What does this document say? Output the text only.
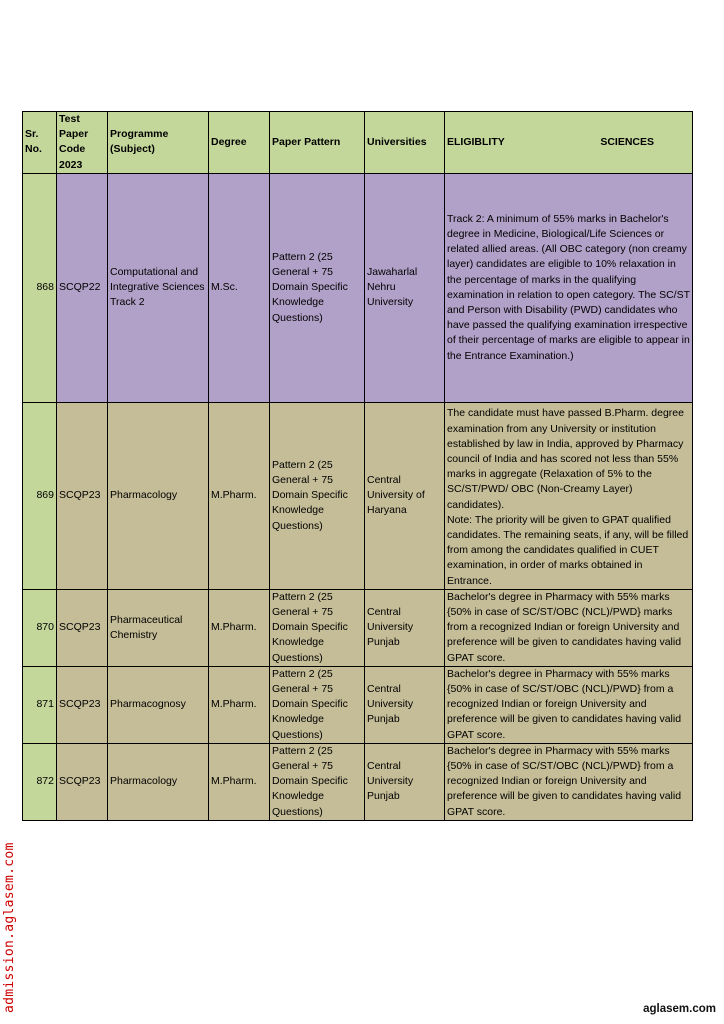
Sr. No.	Test Paper Code 2023	Programme (Subject)	Degree	Paper Pattern	Universities	ELIGIBLITY SCIENCES

868	SCQP22	Computational and Integrative Sciences Track 2	M.Sc.	Pattern 2 (25 General + 75 Domain Specific Knowledge Questions)	Jawaharlal Nehru University	Track 2: A minimum of 55% marks in Bachelor's degree in Medicine, Biological/Life Sciences or related allied areas. (All OBC category (non creamy layer) candidates are eligible to 10% relaxation in the percentage of marks in the qualifying examination in relation to open category. The SC/ST and Person with Disability (PWD) candidates who have passed the qualifying examination irrespective of their percentage of marks are eligible to appear in the Entrance Examination.)
869	SCQP23	Pharmacology	M.Pharm.	Pattern 2 (25 General + 75 Domain Specific Knowledge Questions)	Central University of Haryana	The candidate must have passed B.Pharm. degree examination from any University or institution established by law in India, approved by Pharmacy council of India and has scored not less than 55% marks in aggregate (Relaxation of 5% to the SC/ST/PWD/ OBC (Non-Creamy Layer) candidates).
Note: The priority will be given to GPAT qualified candidates. The remaining seats, if any, will be filled from among the candidates qualified in CUET examination, in order of marks obtained in Entrance.

870	SCQP23	Pharmaceutical Chemistry	M.Pharm.	Pattern 2 (25 General + 75 Domain Specific Knowledge Questions)	Central University Punjab	Bachelor's degree in Pharmacy with 55% marks {50% in case of SC/ST/OBC (NCL)/PWD} marks from a recognized Indian or foreign University and preference will be given to candidates having valid GPAT score.
871	SCQP23	Pharmacognosy	M.Pharm.	Pattern 2 (25 General + 75 Domain Specific Knowledge Questions)	Central University Punjab	Bachelor's degree in Pharmacy with 55% marks {50% in case of SC/ST/OBC (NCL)/PWD} from a recognized Indian or foreign University and preference will be given to candidates having valid GPAT score.
872	SCQP23	Pharmacology	M.Pharm.	Pattern 2 (25 General + 75 Domain Specific Knowledge Questions)	Central University Punjab	Bachelor's degree in Pharmacy with 55% marks {50% in case of SC/ST/OBC (NCL)/PWD} from a recognized Indian or foreign University and preference will be given to candidates having valid GPAT score.
admission.aglasem.com	aglasem.com
